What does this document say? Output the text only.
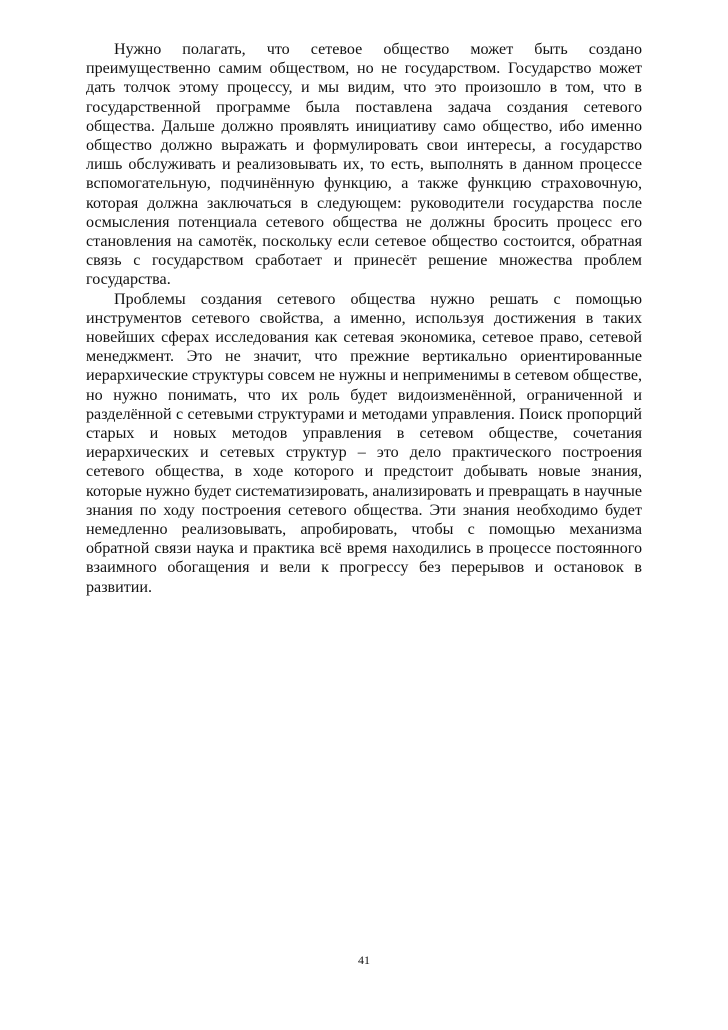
Нужно полагать, что сетевое общество может быть создано преимущественно самим обществом, но не государством. Государство может дать толчок этому процессу, и мы видим, что это произошло в том, что в государственной программе была поставлена задача создания сетевого общества. Дальше должно проявлять инициативу само общество, ибо именно общество должно выражать и формулировать свои интересы, а государство лишь обслуживать и реализовывать их, то есть, выполнять в данном процессе вспомогательную, подчинённую функцию, а также функцию страховочную, которая должна заключаться в следующем: руководители государства после осмысления потенциала сетевого общества не должны бросить процесс его становления на самотёк, поскольку если сетевое общество состоится, обратная связь с государством сработает и принесёт решение множества проблем государства.

Проблемы создания сетевого общества нужно решать с помощью инструментов сетевого свойства, а именно, используя достижения в таких новейших сферах исследования как сетевая экономика, сетевое право, сетевой менеджмент. Это не значит, что прежние вертикально ориентированные иерархические структуры совсем не нужны и неприменимы в сетевом обществе, но нужно понимать, что их роль будет видоизменённой, ограниченной и разделённой с сетевыми структурами и методами управления. Поиск пропорций старых и новых методов управления в сетевом обществе, сочетания иерархических и сетевых структур – это дело практического построения сетевого общества, в ходе которого и предстоит добывать новые знания, которые нужно будет систематизировать, анализировать и превращать в научные знания по ходу построения сетевого общества. Эти знания необходимо будет немедленно реализовывать, апробировать, чтобы с помощью механизма обратной связи наука и практика всё время находились в процессе постоянного взаимного обогащения и вели к прогрессу без перерывов и остановок в развитии.

41
